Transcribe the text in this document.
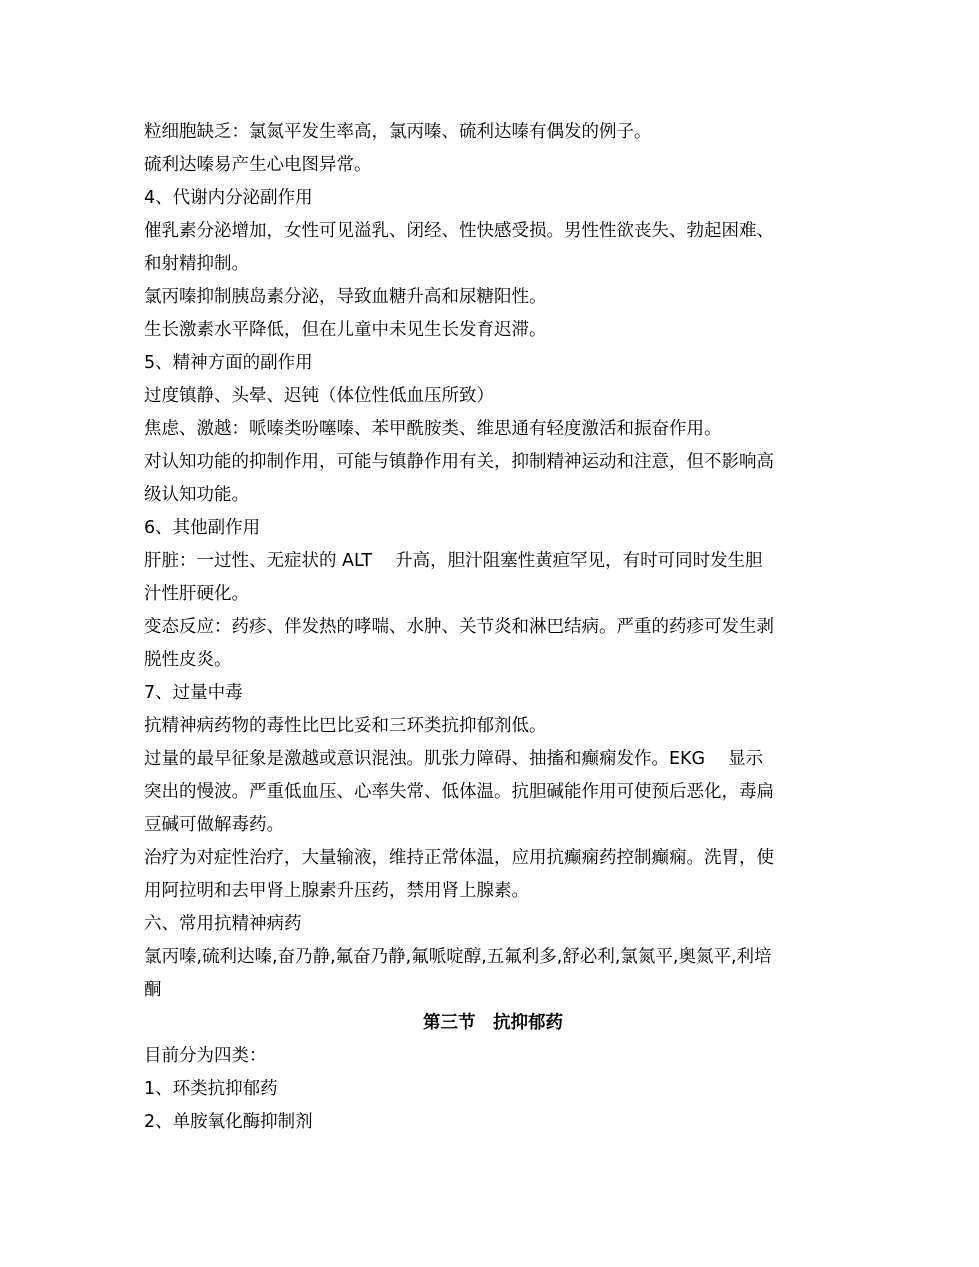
粒细胞缺乏：氯氮平发生率高，氯丙嗪、硫利达嗪有偶发的例子。
硫利达嗪易产生心电图异常。
4、代谢内分泌副作用
催乳素分泌增加，女性可见溢乳、闭经、性快感受损。男性性欲丧失、勃起困难、
和射精抑制。
氯丙嗪抑制胰岛素分泌，导致血糖升高和尿糖阳性。
生长激素水平降低，但在儿童中未见生长发育迟滞。
5、精神方面的副作用
过度镇静、头晕、迟钝（体位性低血压所致）
焦虑、激越：哌嗪类吩噻嗪、苯甲酰胺类、维思通有轻度激活和振奋作用。
对认知功能的抑制作用，可能与镇静作用有关，抑制精神运动和注意，但不影响高
级认知功能。
6、其他副作用
肝脏：一过性、无症状的 ALT　 升高，胆汁阻塞性黄疸罕见，有时可同时发生胆
汁性肝硬化。
变态反应：药疹、伴发热的哮喘、水肿、关节炎和淋巴结病。严重的药疹可发生剥
脱性皮炎。
7、过量中毒
抗精神病药物的毒性比巴比妥和三环类抗抑郁剂低。
过量的最早征象是激越或意识混浊。肌张力障碍、抽搐和癫痫发作。EKG　 显示
突出的慢波。严重低血压、心率失常、低体温。抗胆碱能作用可使预后恶化，毒扁
豆碱可做解毒药。
治疗为对症性治疗，大量输液，维持正常体温，应用抗癫痫药控制癫痫。洗胃，使
用阿拉明和去甲肾上腺素升压药，禁用肾上腺素。
六、常用抗精神病药
氯丙嗪,硫利达嗪,奋乃静,氟奋乃静,氟哌啶醇,五氟利多,舒必利,氯氮平,奥氮平,利培
酮
第三节　抗抑郁药
目前分为四类：
1、环类抗抑郁药
2、单胺氧化酶抑制剂
